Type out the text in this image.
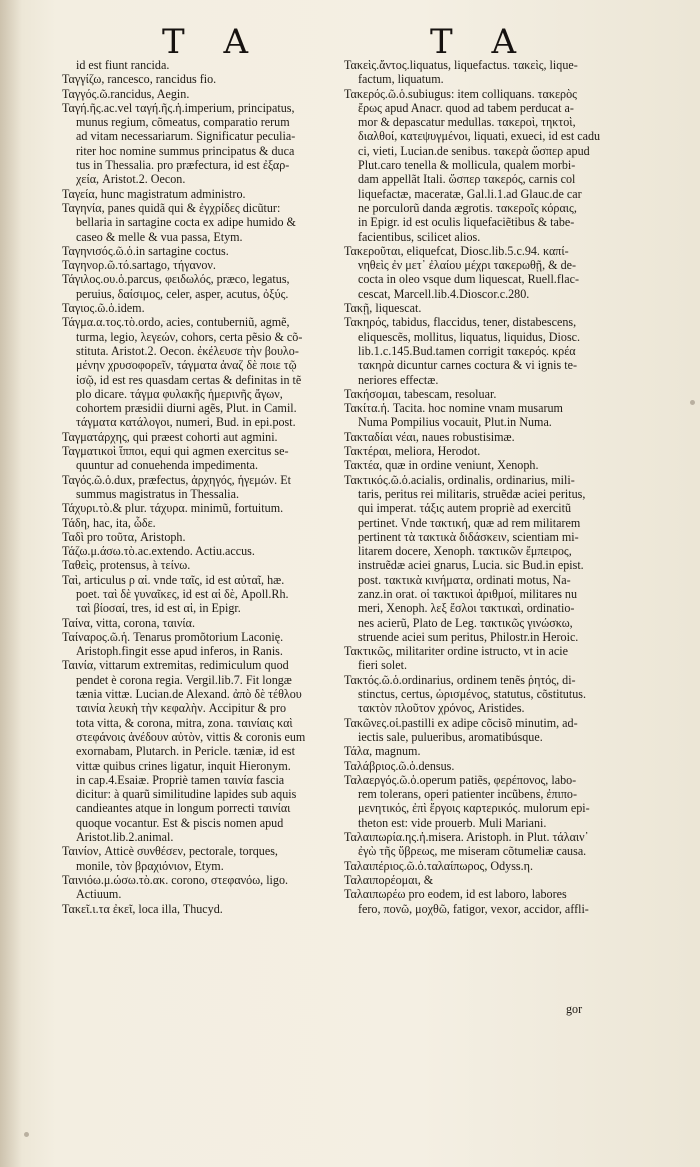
T A	T A
id est fiunt rancida.
Ταγγίζω, rancesco, rancidus fio.
Ταγγός.ῶ.rancidus, Aegin.
Ταγή.ῆς.ac.vel ταγή.ῆς.ἡ.imperium, principatus,
munus regium, cõmeatus, comparatio rerum
ad vitam necessariarum. Significatur peculia-
riter hoc nomine summus principatus & duca
tus in Thessalia. pro præfectura, id est ἐξαρ-
χεία, Aristot.2. Oecon.
Ταγεία, hunc magistratum administro.
Ταγηνία, panes quidã qui & ἐγχρίδες dicũtur:
bellaria in sartagine cocta ex adipe humido &
caseo & melle & vua passa, Etym.
Ταγηνισός.ῶ.ὁ.in sartagine coctus.
Ταγηνορ.ῶ.τό.sartago, τήγανον.
Τάγιλος.ου.ὁ.parcus, φειδωλός, præco, legatus,
peruius, δαίσιμος, celer, asper, acutus, ὀξύς.
Ταγιος.ῶ.ὁ.idem.
Τάγμα.α.τος.τὸ.ordo, acies, contuberniũ, agmẽ,
turma, legio, λεγεών, cohors, certa pẽsio & cõ-
stituta. Aristot.2. Oecon. ἐκέλευσε τὴν βουλο-
μένην χρυσοφορεῖν, τάγματα ἀναζ δὲ ποιε τῷ
ἰσῷ, id est res quasdam certas & definitas in tẽ
plo dicare. τάγμα φυλακῆς ἡμερινῆς ἄγων,
cohortem præsidii diurni agẽs, Plut. in Camil.
τάγματα κατάλογοι, numeri, Bud. in epi.post.
Ταγματάρχης, qui præest cohorti aut agmini.
Ταγματικοὶ ἵπποι, equi qui agmen exercitus se-
quuntur ad conuehenda impedimenta.
Ταγός.ῶ.ὁ.dux, præfectus, ἀρχηγός, ἡγεμών. Et
summus magistratus in Thessalia.
Τάχυρι.τὸ.& plur. τάχυρα. minimũ, fortuitum.
Τάδη, hac, ita, ὧδε.
Ταδὶ pro τοῦτα, Aristoph.
Τάζω.μ.άσω.τὸ.ac.extendo. Actiu.accus.
Ταθεὶς, protensus, à τείνω.
Ταὶ, articulus ρ αἱ. vnde ταῖς, id est αὐταῖ, hæ.
poet. ταὶ δὲ γυναῖκες, id est αἱ δὲ, Apoll.Rh.
ταὶ βίοσαί, tres, id est αἱ, in Epigr.
Ταίνα, vitta, corona, ταινία.
Ταίναρος.ῶ.ἡ. Tenarus promõtorium Laconię.
Aristoph.fingit esse apud inferos, in Ranis.
Ταινία, vittarum extremitas, redimiculum quod
pendet è corona regia. Vergil.lib.7. Fit longæ
tænia vittæ. Lucian.de Alexand. ἀπὸ δὲ τέθλου
ταινία λευκὴ τὴν κεφαλὴν. Accipitur & pro
tota vitta, & corona, mitra, zona. ταινίαις καὶ
στεφάνοις ἀνέδουν αὐτὸν, vittis & coronis eum
exornabam, Plutarch. in Pericle. tæniæ, id est
vittæ quibus crines ligatur, inquit Hieronym.
in cap.4.Esaiæ. Propriè tamen ταινία fascia
dicitur: à quarũ similitudine lapides sub aquis
candieantes atque in longum porrecti ταινίαι
quoque vocantur. Est & piscis nomen apud
Aristot.lib.2.animal.
Ταινίον, Atticè συνθέσεν, pectorale, torques,
monile, τὸν βραχιόνιον, Etym.
Ταινιόω.μ.ώσω.τὸ.ακ. corono, στεφανόω, ligo.
Actiuum.
Τακεῖ.ι.τα ἐκεῖ, loca illa, Thucyd.
Τακεὶς.ἄντος.liquatus, liquefactus. τακεὶς, lique-
factum, liquatum.
Τακερός.ῶ.ὁ.subiugus: item colliquans. τακερὸς
ἔρως apud Anacr. quod ad tabem perducat a-
mor & depascatur medullas. τακεροὶ, τηκτοὶ,
διαλθοί, κατεψυγμένοι, liquati, exueci, id est cadu
ci, vieti, Lucian.de senibus. τακερὰ ὥσπερ apud
Plut.caro tenella & mollicula, qualem morbi-
dam appellãt Itali. ὥσπερ τακερός, carnis col
liquefactæ, maceratæ, Gal.li.1.ad Glauc.de car
ne porculorũ danda ægrotis. τακεροῖς κόραις,
in Epigr. id est oculis liquefaciẽtibus & tabe-
facientibus, scilicet alios.
Τακεροῦται, eliquefcat, Diosc.lib.5.c.94. καπί-
νηθεὶς ἐν μετ᾽ ἐλαίου μέχρι τακερωθῇ, & de-
cocta in oleo vsque dum liquescat, Ruell.flac-
cescat, Marcell.lib.4.Dioscor.c.280.
Τακῇ, liquescat.
Τακηρός, tabidus, flaccidus, tener, distabescens,
eliquescẽs, mollitus, liquatus, liquidus, Diosc.
lib.1.c.145.Bud.tamen corrigit τακερός. κρέα
τακηρὰ dicuntur carnes coctura & vi ignis te-
neriores effectæ.
Τακήσομαι, tabescam, resoluar.
Τακίτα.ἡ. Tacita. hoc nomine vnam musarum
Numa Pompilius vocauit, Plut.in Numa.
Τακταδίαι νέαι, naues robustisimæ.
Τακτέραι, meliora, Herodot.
Τακτέα, quæ in ordine veniunt, Xenoph.
Τακτικός.ῶ.ὁ.acialis, ordinalis, ordinarius, mili-
taris, peritus rei militaris, struẽdæ aciei peritus,
qui imperat. τάξις autem propriè ad exercitũ
pertinet. Vnde τακτική, quæ ad rem militarem
pertinent τὰ τακτικὰ διδάσκειν, scientiam mi-
litarem docere, Xenoph. τακτικῶν ἔμπειρος,
instruẽdæ aciei gnarus, Lucia. sic Bud.in epist.
post. τακτικὰ κινήματα, ordinati motus, Na-
zanz.in orat. οἱ τακτικοὶ ἀριθμοί, militares nu
meri, Xenoph. λεξ ἔσλοι τακτικαὶ, ordinatio-
nes acierũ, Plato de Leg. τακτικῶς γινώσκω,
struende aciei sum peritus, Philostr.in Heroic.
Τακτικῶς, militariter ordine istructo, vt in acie
fieri solet.
Τακτός.ῶ.ὁ.ordinarius, ordinem tenẽs ῥητός, di-
stinctus, certus, ὡρισμένος, statutus, cõstitutus.
τακτὸν πλοῦτον χρόνος, Aristides.
Τακῶνες.οἱ.pastilli ex adipe cõcisõ minutim, ad-
iectis sale, pulueribus, aromatibúsque.
Τάλα, magnum.
Ταλάβριος.ῶ.ὁ.densus.
Ταλαεργός.ῶ.ὁ.operum patiẽs, φερέπονος, labo-
rem tolerans, operi patienter incũbens, ἐπιπο-
μενητικός, ἐπὶ ἔργοις καρτερικός. mulorum epi-
theton est: vide prouerb. Muli Mariani.
Ταλαιπωρία.ης.ἡ.misera. Aristoph. in Plut. τάλαιν᾽
ἐγὼ τῆς ὕβρεως, me miseram cõtumeliæ causa.
Ταλαιπέριος.ῶ.ὁ.ταλαίπωρος, Odyss.η.
Ταλαιπορέομαι, &
Ταλαιπωρέω pro eodem, id est laboro, labores
fero, πονῶ, μοχθῶ, fatigor, vexor, accidor, affli-
gor
